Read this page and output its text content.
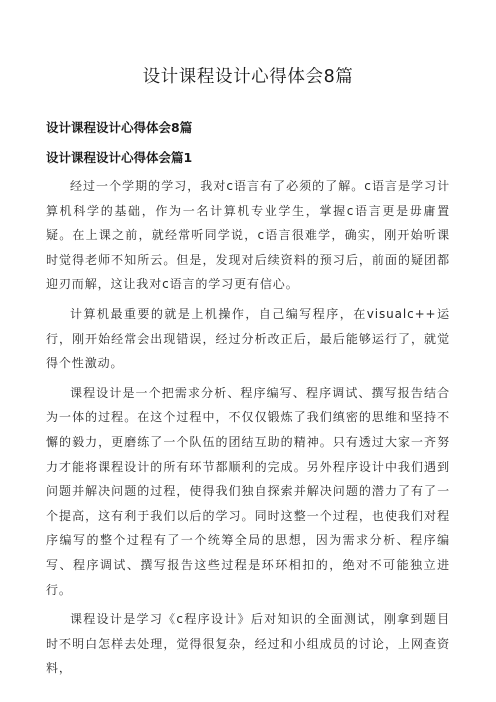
设计课程设计心得体会8篇
设计课程设计心得体会8篇
设计课程设计心得体会篇1

经过一个学期的学习，我对c语言有了必须的了解。c语言是学习计算机科学的基础，作为一名计算机专业学生，掌握c语言更是毋庸置疑。在上课之前，就经常听同学说，c语言很难学，确实，刚开始听课时觉得老师不知所云。但是，发现对后续资料的预习后，前面的疑团都迎刃而解，这让我对c语言的学习更有信心。

计算机最重要的就是上机操作，自己编写程序，在visualc++运行，刚开始经常会出现错误，经过分析改正后，最后能够运行了，就觉得个性激动。

课程设计是一个把需求分析、程序编写、程序调试、撰写报告结合为一体的过程。在这个过程中，不仅仅锻炼了我们缜密的思维和坚持不懈的毅力，更磨练了一个队伍的团结互助的精神。只有透过大家一齐努力才能将课程设计的所有环节都顺利的完成。另外程序设计中我们遇到问题并解决问题的过程，使得我们独自探索并解决问题的潜力了有了一个提高，这有利于我们以后的学习。同时这整一个过程，也使我们对程序编写的整个过程有了一个统筹全局的思想，因为需求分析、程序编写、程序调试、撰写报告这些过程是环环相扣的，绝对不可能独立进行。

课程设计是学习《c程序设计》后对知识的全面测试，刚拿到题目时不明白怎样去处理，觉得很复杂，经过和小组成员的讨论，上网查资料，
